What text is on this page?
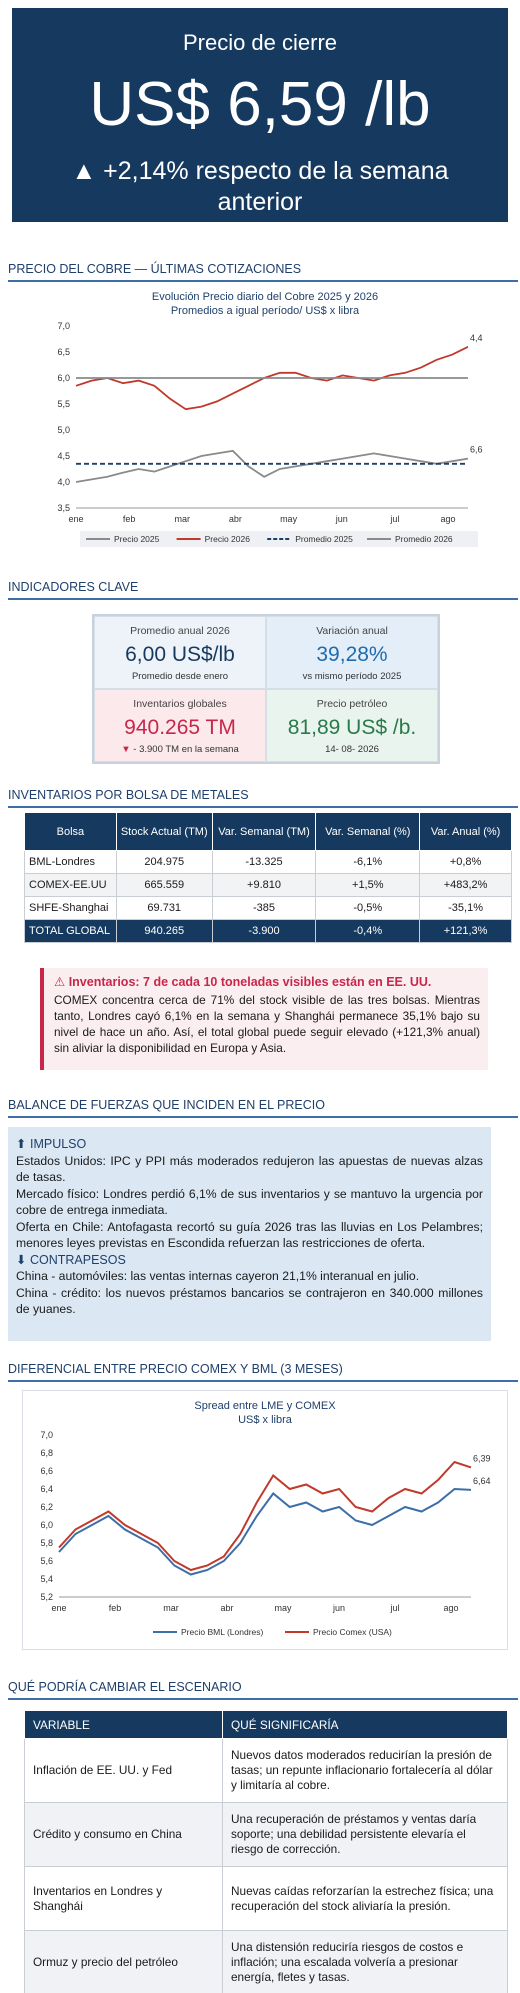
Precio de cierre
US$ 6,59 /lb
▲ +2,14% respecto de la semana anterior
PRECIO DEL COBRE — ÚLTIMAS COTIZACIONES
Evolución Precio diario del Cobre 2025 y 2026
Promedios a igual período/ US$ x libra
7,0
6,5
6,0
5,5
5,0
4,5
4,0
3,5
ene	feb	mar	abr	may	jun	jul	ago
6,6
4,4
Precio 2025	Precio 2026	Promedio 2025	Promedio 2026
INDICADORES CLAVE
Promedio anual 2026
6,00 US$/lb
Promedio desde enero
Variación anual
39,28%
vs mismo período 2025
Inventarios globales
940.265 TM
▼ - 3.900 TM en la semana
Precio petróleo
81,89 US$ /b.
14- 08- 2026
INVENTARIOS POR BOLSA DE METALES
Bolsa	Stock Actual (TM)	Var. Semanal (TM)	Var. Semanal (%)	Var. Anual (%)
BML-Londres	204.975	-13.325	-6,1%	+0,8%
COMEX-EE.UU	665.559	+9.810	+1,5%	+483,2%
SHFE-Shanghai	69.731	-385	-0,5%	-35,1%
TOTAL GLOBAL	940.265	-3.900	-0,4%	+121,3%
⚠ Inventarios: 7 de cada 10 toneladas visibles están en EE. UU.
COMEX concentra cerca de 71% del stock visible de las tres bolsas. Mientras tanto, Londres cayó 6,1% en la semana y Shanghái permanece 35,1% bajo su nivel de hace un año. Así, el total global puede seguir elevado (+121,3% anual) sin aliviar la disponibilidad en Europa y Asia.
BALANCE DE FUERZAS QUE INCIDEN EN EL PRECIO
⬆ IMPULSO

Estados Unidos: IPC y PPI más moderados redujeron las apuestas de nuevas alzas de tasas.

Mercado físico: Londres perdió 6,1% de sus inventarios y se mantuvo la urgencia por cobre de entrega inmediata.

Oferta en Chile: Antofagasta recortó su guía 2026 tras las lluvias en Los Pelambres; menores leyes previstas en Escondida refuerzan las restricciones de oferta.

⬇ CONTRAPESOS

China - automóviles: las ventas internas cayeron 21,1% interanual en julio.

China - crédito: los nuevos préstamos bancarios se contrajeron en 340.000 millones de yuanes.

DIFERENCIAL ENTRE PRECIO COMEX Y BML (3 MESES)
Spread entre LME y COMEX
US$ x libra
7,0
6,8
6,6
6,4
6,2
6,0
5,8
5,6
5,4
5,2
ene	feb	mar	abr	may	jun	jul	ago
6,64
6,39
Precio BML (Londres)	Precio Comex (USA)
QUÉ PODRÍA CAMBIAR EL ESCENARIO
VARIABLE	QUÉ SIGNIFICARÍA
Inflación de EE. UU. y Fed	Nuevos datos moderados reducirían la presión de tasas; un repunte inflacionario fortalecería al dólar y limitaría al cobre.
Crédito y consumo en China	Una recuperación de préstamos y ventas daría soporte; una debilidad persistente elevaría el riesgo de corrección.
Inventarios en Londres y Shanghái	Nuevas caídas reforzarían la estrechez física; una recuperación del stock aliviaría la presión.
Ormuz y precio del petróleo	Una distensión reduciría riesgos de costos e inflación; una escalada volvería a presionar energía, fletes y tasas.
